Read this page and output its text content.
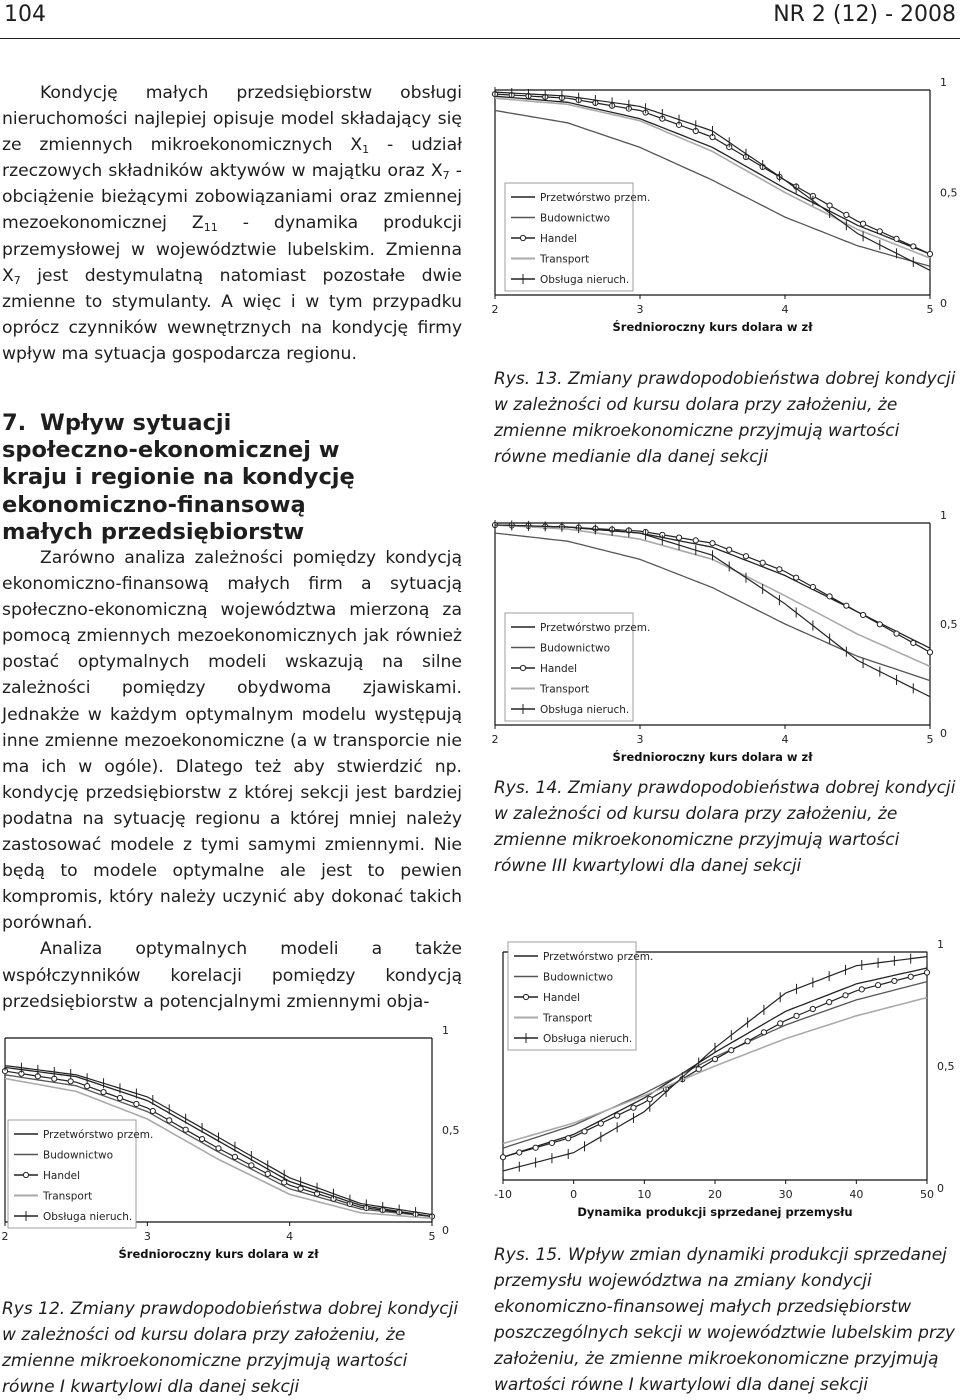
104	NR 2 (12) - 2008

Kondycję małych przedsiębiorstw obsługi nieruchomości najlepiej opisuje model składający się ze zmiennych mikroekonomicznych $X_1$ - udział rzeczowych składników aktywów w majątku oraz $X_7$ - obciążenie bieżącymi zobowiązaniami oraz zmiennej mezoekonomicznej $Z_{11}$ - dynamika produkcji przemysłowej w województwie lubelskim. Zmienna $X_7$ jest destymulatną natomiast pozostałe dwie zmienne to stymulanty. A więc i w tym przypadku oprócz czynników wewnętrznych na kondycję firmy wpływ ma sytuacja gospodarcza regionu.

7. Wpływ sytuacji społeczno-ekonomicznej w kraju i regionie na kondycję ekonomiczno-finansową małych przedsiębiorstw

Zarówno analiza zależności pomiędzy kondycją ekonomiczno-finansową małych firm a sytuacją społeczno-ekonomiczną województwa mierzoną za pomocą zmiennych mezoekonomicznych jak również postać optymalnych modeli wskazują na silne zależności pomiędzy obydwoma zjawiskami. Jednakże w każdym optymalnym modelu występują inne zmienne mezoekonomiczne (a w transporcie nie ma ich w ogóle). Dlatego też aby stwierdzić np. kondycję przedsiębiorstw z której sekcji jest bardziej podatna na sytuację regionu a której mniej należy zastosować modele z tymi samymi zmiennymi. Nie będą to modele optymalne ale jest to pewien kompromis, który należy uczynić aby dokonać takich porównań.

Analiza optymalnych modeli a także współczynników korelacji pomiędzy kondycją przedsiębiorstw a potencjalnymi zmiennymi obja-

2	3	4	5 0
0,5
1
Średnioroczny kurs dolara w zł
Przetwórstwo przem.
Budownictwo
Handel
Transport
Obsługa nieruch.
Rys 12. Zmiany prawdopodobieństwa dobrej kondycji w zależności od kursu dolara przy założeniu, że zmienne mikroekonomiczne przyjmują wartości równe I kwartylowi dla danej sekcji
2	3	4	5 0
0,5
1
Średnioroczny kurs dolara w zł
Przetwórstwo przem.
Budownictwo
Handel
Transport
Obsługa nieruch.
Rys. 13. Zmiany prawdopodobieństwa dobrej kondycji w zależności od kursu dolara przy założeniu, że zmienne mikroekonomiczne przyjmują wartości równe medianie dla danej sekcji
2	3	4	5 0
0,5
1
Średnioroczny kurs dolara w zł
Przetwórstwo przem.
Budownictwo
Handel
Transport
Obsługa nieruch.
Rys. 14. Zmiany prawdopodobieństwa dobrej kondycji w zależności od kursu dolara przy założeniu, że zmienne mikroekonomiczne przyjmują wartości równe III kwartylowi dla danej sekcji
-10	0	10	20	30	40	50 0
0,5
1
Dynamika produkcji sprzedanej przemysłu
Przetwórstwo przem.
Budownictwo
Handel
Transport
Obsługa nieruch.
Rys. 15. Wpływ zmian dynamiki produkcji sprzedanej przemysłu województwa na zmiany kondycji ekonomiczno-finansowej małych przedsiębiorstw poszczególnych sekcji w województwie lubelskim przy założeniu, że zmienne mikroekonomiczne przyjmują wartości równe I kwartylowi dla danej sekcji
